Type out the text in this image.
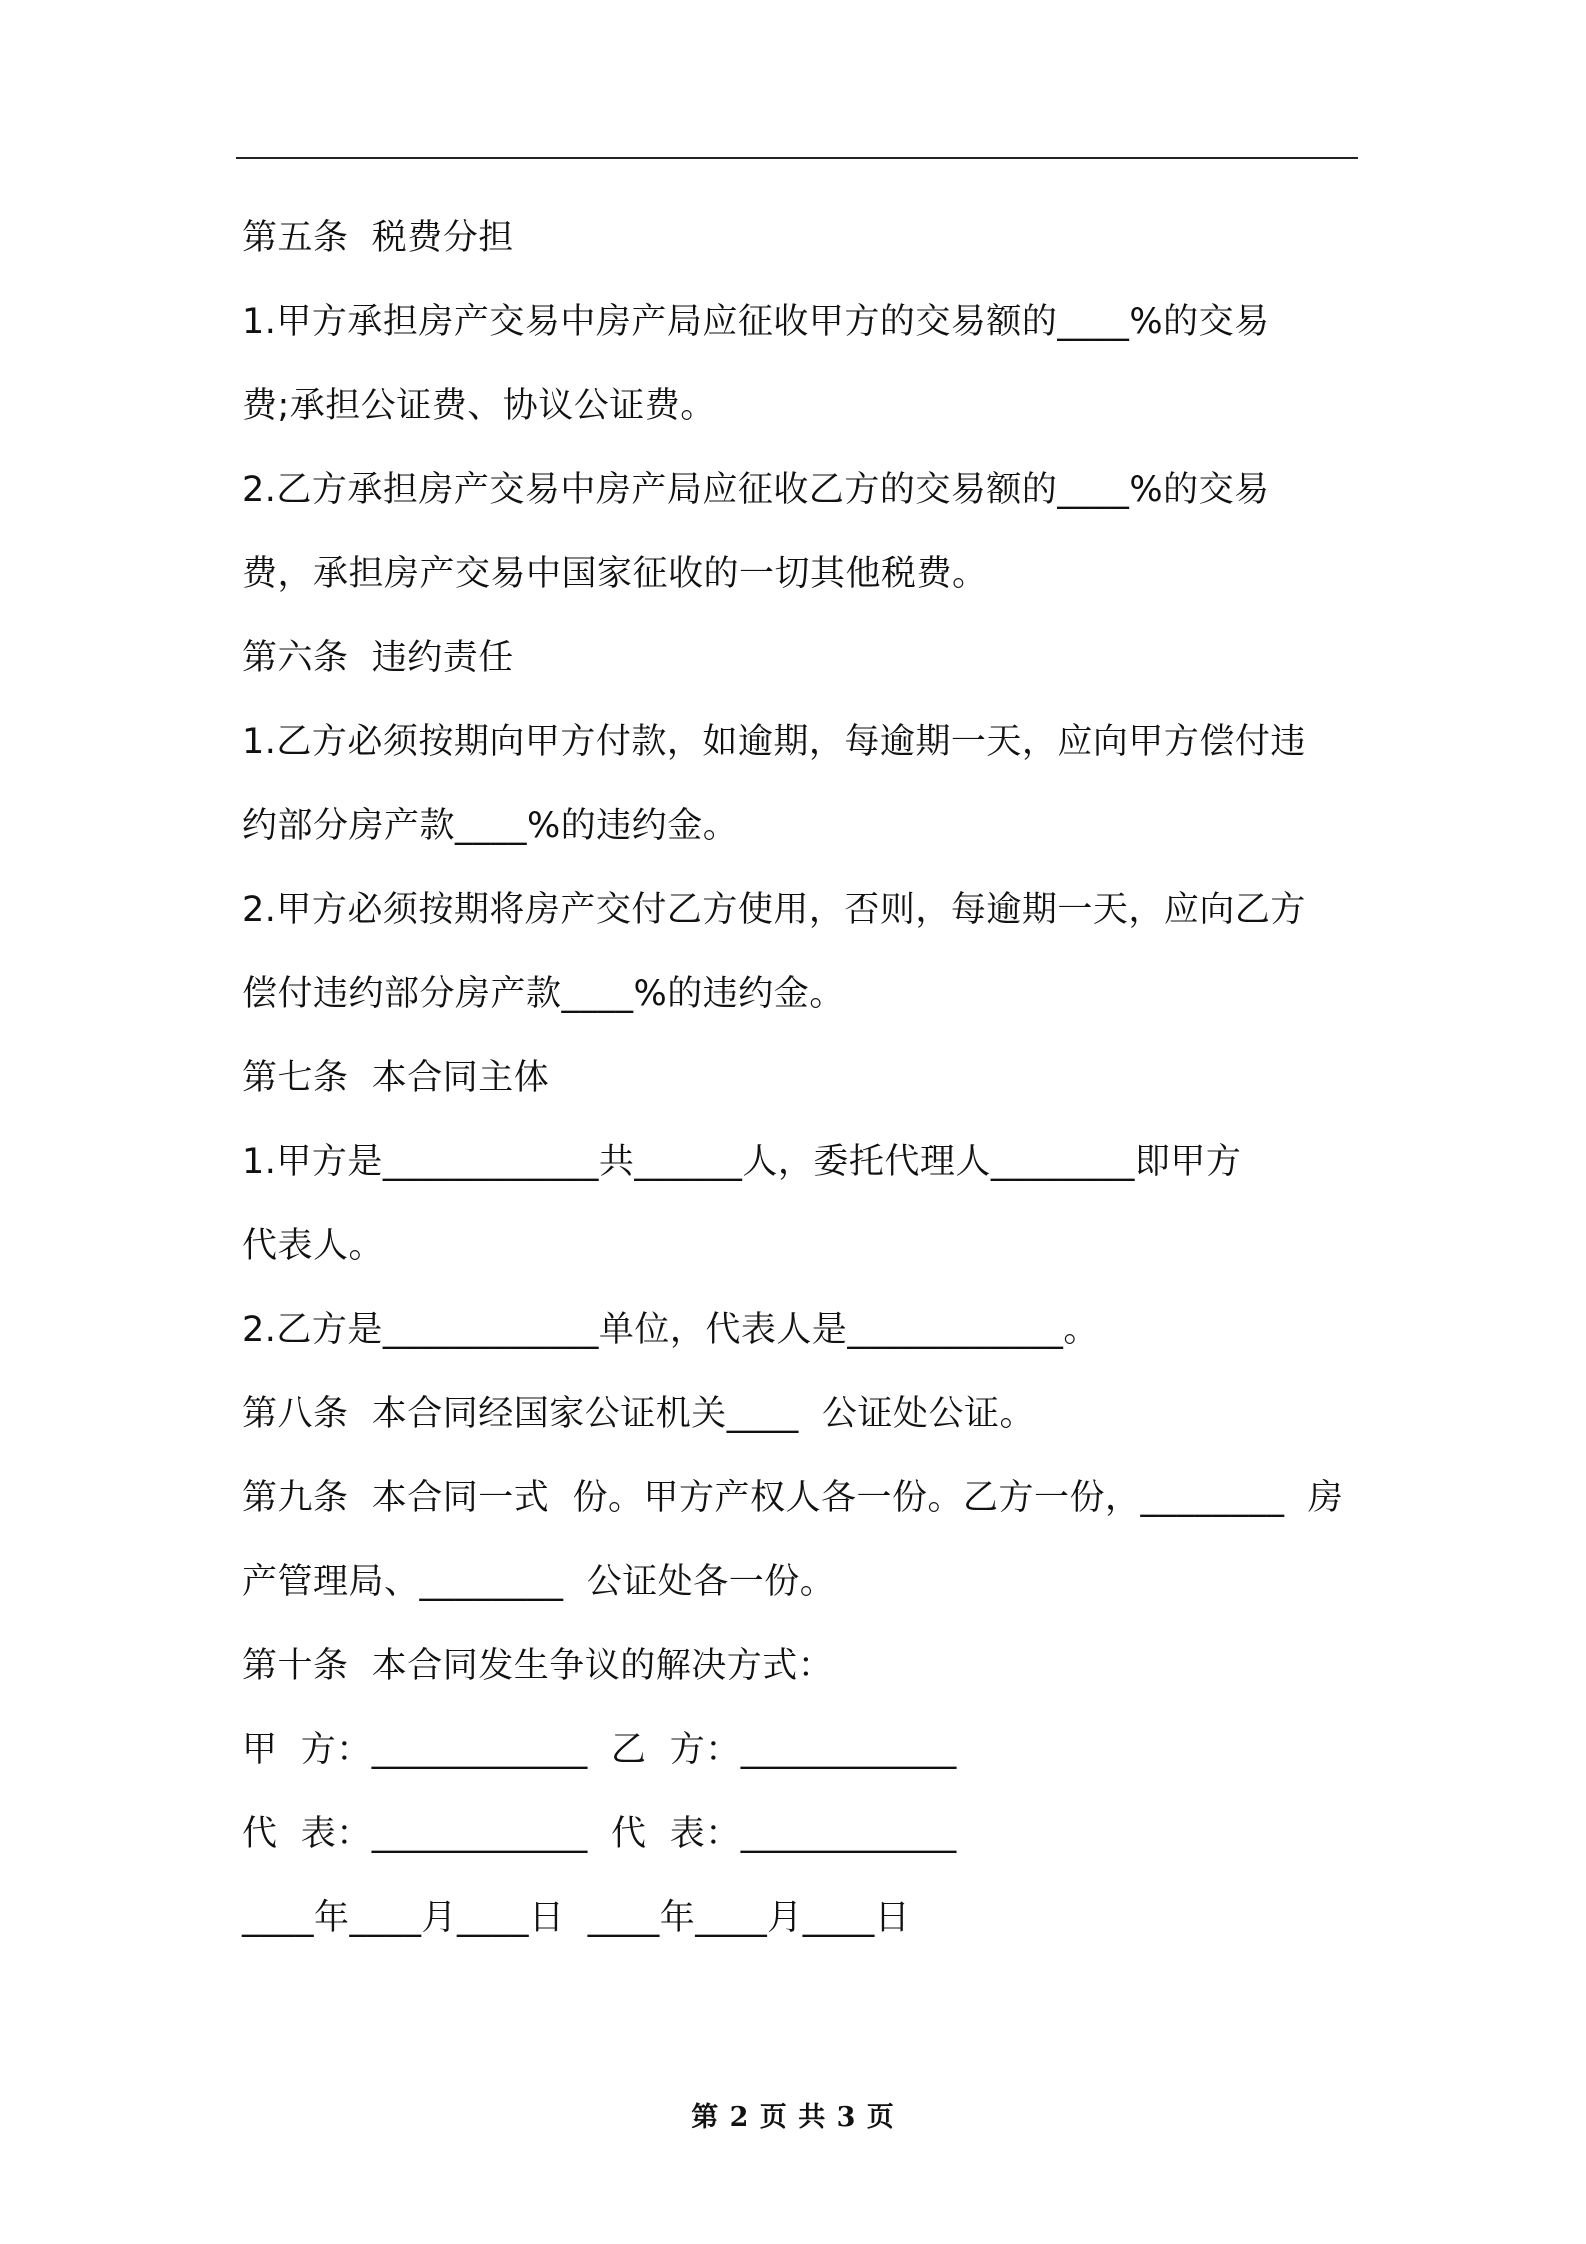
第五条  税费分担
1.甲方承担房产交易中房产局应征收甲方的交易额的____%的交易
费;承担公证费、协议公证费。
2.乙方承担房产交易中房产局应征收乙方的交易额的____%的交易
费，承担房产交易中国家征收的一切其他税费。
第六条  违约责任
1.乙方必须按期向甲方付款，如逾期，每逾期一天，应向甲方偿付违
约部分房产款____%的违约金。
2.甲方必须按期将房产交付乙方使用，否则，每逾期一天，应向乙方
偿付违约部分房产款____%的违约金。
第七条  本合同主体
1.甲方是____________共______人，委托代理人________即甲方
代表人。
2.乙方是____________单位，代表人是____________。
第八条  本合同经国家公证机关____  公证处公证。
第九条  本合同一式  份。甲方产权人各一份。乙方一份，________  房
产管理局、________  公证处各一份。
第十条  本合同发生争议的解决方式：
甲  方：____________  乙  方：____________
代  表：____________  代  表：____________
____年____月____日  ____年____月____日
第 2 页 共 3 页
